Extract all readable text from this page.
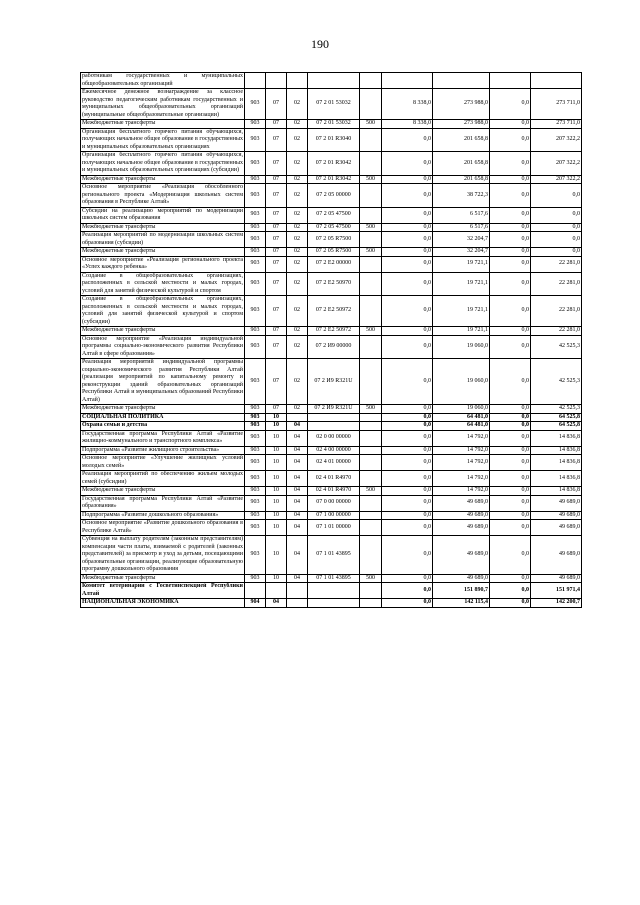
190
работникам государственных и муниципальных общеобразовательных организаций									
Ежемесячное денежное вознаграждение за классное руководство педагогическим работникам государственных и муниципальных общеобразовательных организаций (муниципальные общеобразовательные организации)	903	07	02	07 2 01 53032		8 338,0	273 988,0	0,0	273 711,0
Межбюджетные трансферты	903	07	02	07 2 01 53032	500	8 338,0	273 988,0	0,0	273 711,0
Организация бесплатного горячего питания обучающихся, получающих начальное общее образование в государственных и муниципальных образовательных организациях	903	07	02	07 2 01 R3040		0,0	201 658,8	0,0	207 322,2
Организация бесплатного горячего питания обучающихся, получающих начальное общее образование в государственных и муниципальных образовательных организациях (субсидии)	903	07	02	07 2 01 R3042		0,0	201 658,8	0,0	207 322,2
Межбюджетные трансферты	903	07	02	07 2 01 R3042	500	0,0	201 658,8	0,0	207 322,2
Основное мероприятие «Реализация обособленного регионального проекта «Модернизация школьных систем образования в Республике Алтай»	903	07	02	07 2 05 00000		0,0	38 722,3	0,0	0,0
Субсидии на реализацию мероприятий по модернизации школьных систем образования	903	07	02	07 2 05 47500		0,0	6 517,6	0,0	0,0
Межбюджетные трансферты	903	07	02	07 2 05 47500	500	0,0	6 517,6	0,0	0,0
Реализация мероприятий по модернизации школьных систем образования (субсидии)	903	07	02	07 2 05 R7500		0,0	32 204,7	0,0	0,0
Межбюджетные трансферты	903	07	02	07 2 05 R7500	500	0,0	32 204,7	0,0	0,0
Основное мероприятие «Реализация регионального проекта «Успех каждого ребенка»	903	07	02	07 2 E2 00000		0,0	19 721,1	0,0	22 281,0
Создание в общеобразовательных организациях, расположенных в сельской местности и малых городах, условий для занятий физической культурой и спортом	903	07	02	07 2 E2 50970		0,0	19 721,1	0,0	22 281,0
Создание в общеобразовательных организациях, расположенных в сельской местности и малых городах, условий для занятий физической культурой и спортом (субсидии)	903	07	02	07 2 E2 50972		0,0	19 721,1	0,0	22 281,0
Межбюджетные трансферты	903	07	02	07 2 E2 50972	500	0,0	19 721,1	0,0	22 281,0
Основное мероприятие «Реализация индивидуальной программы социально-экономического развития Республики Алтай в сфере образования»	903	07	02	07 2 И9 00000		0,0	19 060,0	0,0	42 525,3
Реализация мероприятий индивидуальной программы социально-экономического развития Республики Алтай (реализация мероприятий по капитальному ремонту и реконструкции зданий образовательных организаций Республики Алтай и муниципальных образований Республики Алтай)	903	07	02	07 2 И9 R321U		0,0	19 060,0	0,0	42 525,3
Межбюджетные трансферты	903	07	02	07 2 И9 R321U	500	0,0	19 060,0	0,0	42 525,3
СОЦИАЛЬНАЯ ПОЛИТИКА	903	10				0,0	64 481,0	0,0	64 525,8
Охрана семьи и детства	903	10	04			0,0	64 481,0	0,0	64 525,8
Государственная программа Республики Алтай «Развитие жилищно-коммунального и транспортного комплекса»	903	10	04	02 0 00 00000		0,0	14 792,0	0,0	14 836,8
Подпрограмма «Развитие жилищного строительства»	903	10	04	02 4 00 00000		0,0	14 792,0	0,0	14 836,8
Основное мероприятие «Улучшение жилищных условий молодых семей»	903	10	04	02 4 01 00000		0,0	14 792,0	0,0	14 836,8
Реализация мероприятий по обеспечению жильем молодых семей (субсидии)	903	10	04	02 4 01 R4970		0,0	14 792,0	0,0	14 836,8
Межбюджетные трансферты	903	10	04	02 4 01 R4970	500	0,0	14 792,0	0,0	14 836,8
Государственная программа Республики Алтай «Развитие образования»	903	10	04	07 0 00 00000		0,0	49 689,0	0,0	49 689,0
Подпрограмма «Развитие дошкольного образования»	903	10	04	07 1 00 00000		0,0	49 689,0	0,0	49 689,0
Основное мероприятие «Развитие дошкольного образования в Республике Алтай»	903	10	04	07 1 01 00000		0,0	49 689,0	0,0	49 689,0
Субвенция на выплату родителям (законным представителям) компенсации части платы, взимаемой с родителей (законных представителей) за присмотр и уход за детьми, посещающими образовательные организации, реализующие образовательную программу дошкольного образования	903	10	04	07 1 01 43895		0,0	49 689,0	0,0	49 689,0
Межбюджетные трансферты	903	10	04	07 1 01 43895	500	0,0	49 689,0	0,0	49 689,0
Комитет ветеринарии с Госветинспекцией Республики Алтай						0,0	151 890,7	0,0	151 971,4
НАЦИОНАЛЬНАЯ ЭКОНОМИКА	904	04				0,0	142 115,4	0,0	142 200,7
